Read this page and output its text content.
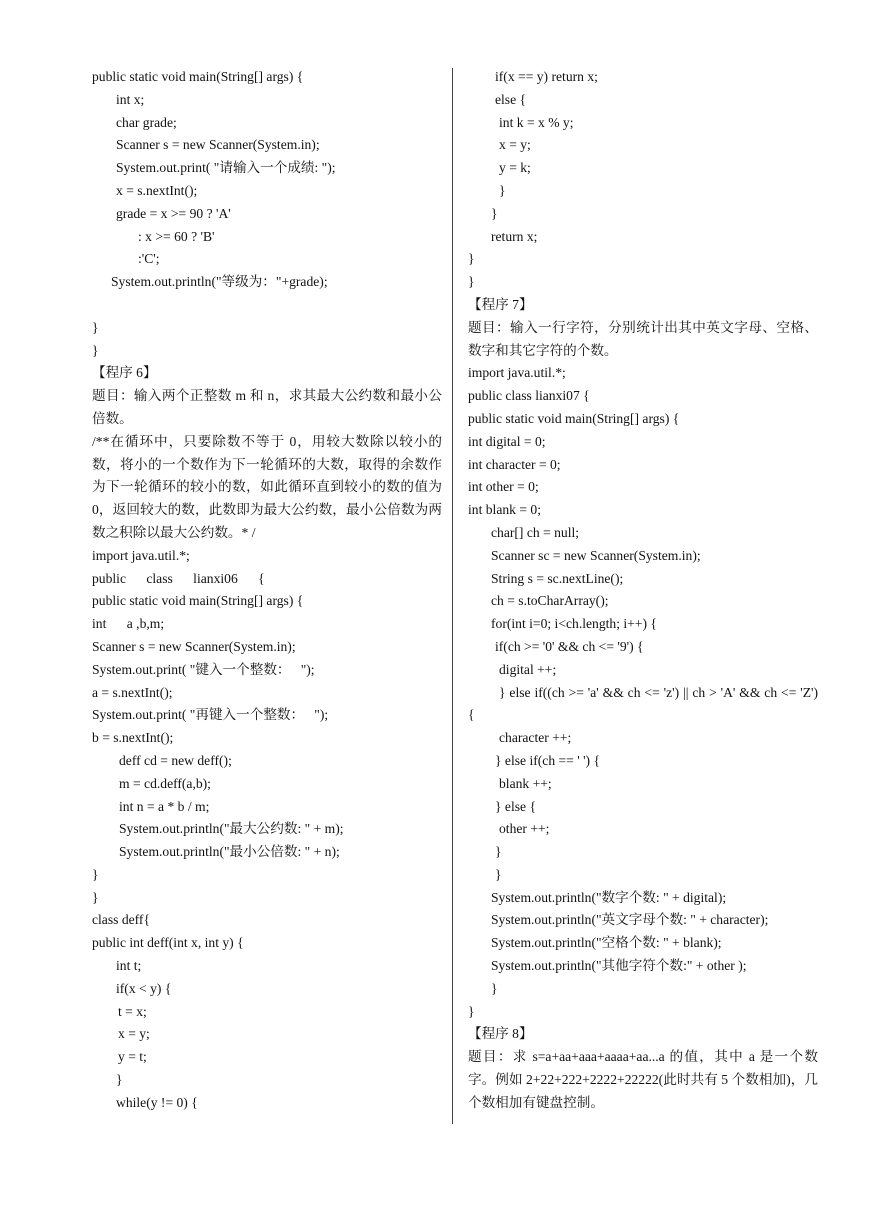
public static void main(String[] args) {
int x;
char grade;
Scanner s = new Scanner(System.in);
System.out.print( "请输入一个成绩: ");
x = s.nextInt();
grade = x >= 90 ? 'A'
: x >= 60 ? 'B'
:'C';
System.out.println("等级为："+grade);
}
}
【程序 6】
题目：输入两个正整数 m 和 n，求其最大公约数和最小公倍数。
/**在循环中，只要除数不等于 0，用较大数除以较小的数，将小的一个数作为下一轮循环的大数，取得的余数作为下一轮循环的较小的数，如此循环直到较小的数的值为 0，返回较大的数，此数即为最大公约数，最小公倍数为两数之积除以最大公约数。* /
import java.util.*;
public      class      lianxi06      {
public static void main(String[] args) {
int      a ,b,m;
Scanner s = new Scanner(System.in);
System.out.print( "键入一个整数：   ");
a = s.nextInt();
System.out.print( "再键入一个整数：   ");
b = s.nextInt();
deff cd = new deff();
m = cd.deff(a,b);
int n = a * b / m;
System.out.println("最大公约数: " + m);
System.out.println("最小公倍数: " + n);
}
}
class deff{
public int deff(int x, int y) {
int t;
if(x < y) {
t = x;
x = y;
y = t;
}
while(y != 0) {
if(x == y) return x;
else {
int k = x % y;
x = y;
y = k;
}
}
return x;
}
}
【程序 7】
题目：输入一行字符，分别统计出其中英文字母、空格、数字和其它字符的个数。
import java.util.*;
public class lianxi07 {
public static void main(String[] args) {
int digital = 0;
int character = 0;
int other = 0;
int blank = 0;
char[] ch = null;
Scanner sc = new Scanner(System.in);
String s = sc.nextLine();
ch = s.toCharArray();
for(int i=0; i<ch.length; i++) {
if(ch >= '0' && ch <= '9') {
digital ++;
} else if((ch >= 'a' && ch <= 'z') || ch > 'A' && ch <= 'Z') {
character ++;
} else if(ch == ' ') {
blank ++;
} else {
other ++;
}
}
System.out.println("数字个数: " + digital);
System.out.println("英文字母个数: " + character);
System.out.println("空格个数: " + blank);
System.out.println("其他字符个数:" + other );
}
}
【程序 8】
题目：求 s=a+aa+aaa+aaaa+aa...a 的值，其中 a 是一个数字。例如 2+22+222+2222+22222(此时共有 5 个数相加)，几个数相加有键盘控制。
